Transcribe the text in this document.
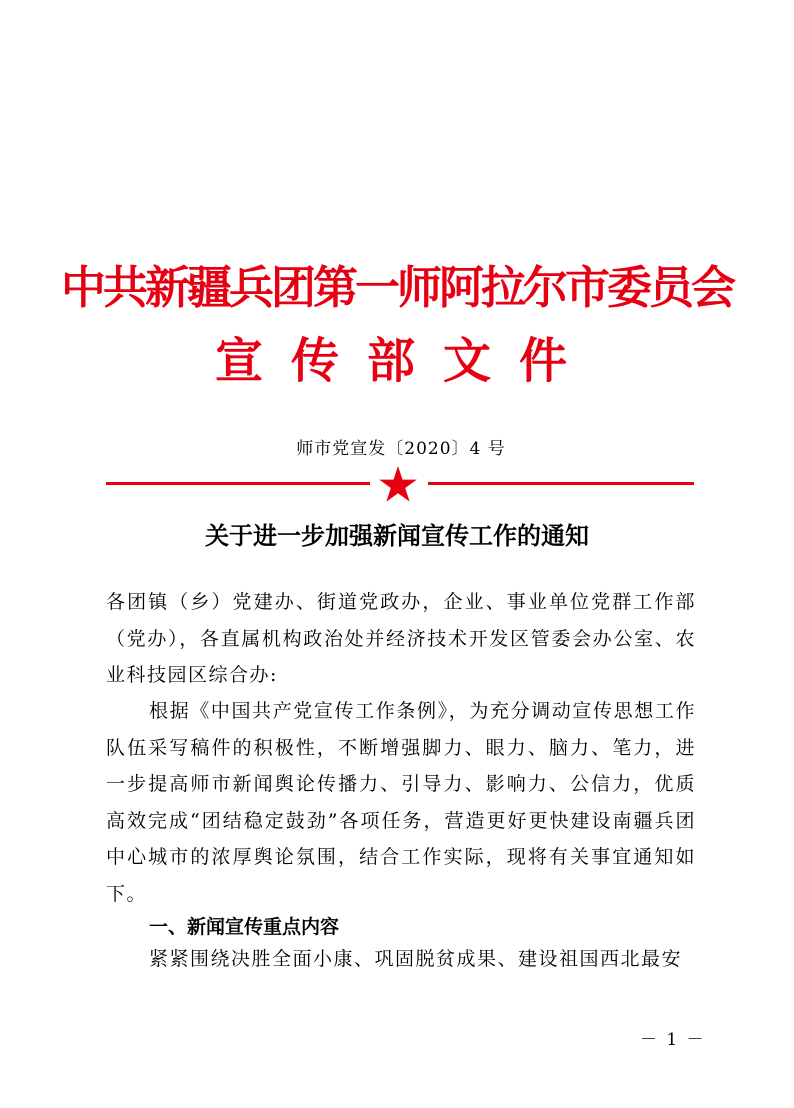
中共新疆兵团第一师阿拉尔市委员会
宣传部文件
师市党宣发〔2020〕4 号
关于进一步加强新闻宣传工作的通知

各团镇（乡）党建办、街道党政办，企业、事业单位党群工作部（党办），各直属机构政治处并经济技术开发区管委会办公室、农业科技园区综合办:

根据《中国共产党宣传工作条例》，为充分调动宣传思想工作队伍采写稿件的积极性，不断增强脚力、眼力、脑力、笔力，进一步提高师市新闻舆论传播力、引导力、影响力、公信力，优质高效完成“团结稳定鼓劲”各项任务，营造更好更快建设南疆兵团中心城市的浓厚舆论氛围，结合工作实际，现将有关事宜通知如下。

一、新闻宣传重点内容

紧紧围绕决胜全面小康、巩固脱贫成果、建设祖国西北最安

－ 1 －
